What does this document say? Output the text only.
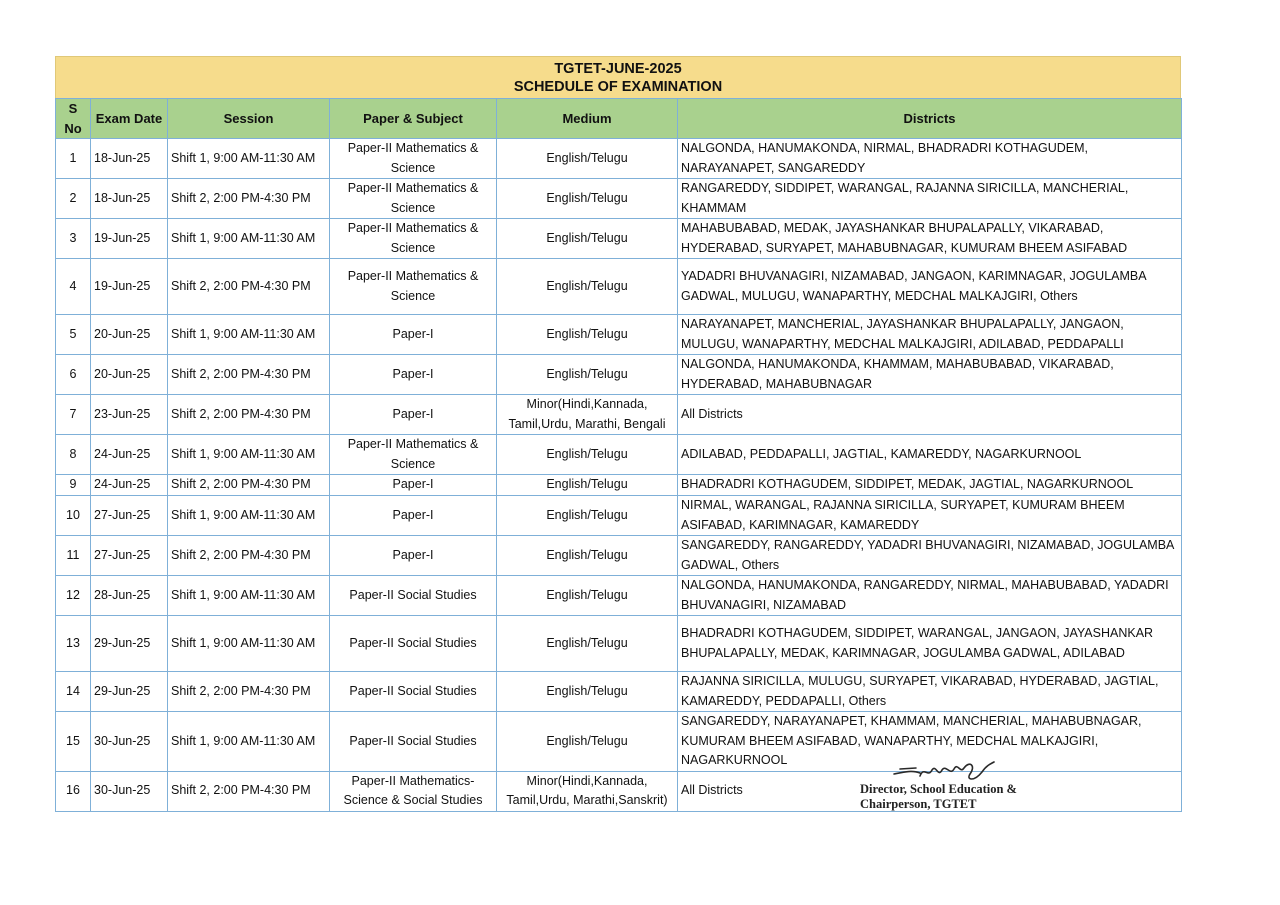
TGTET-JUNE-2025
SCHEDULE OF EXAMINATION
S No	Exam Date	Session	Paper & Subject	Medium	Districts
1	18-Jun-25	Shift 1, 9:00 AM-11:30 AM	Paper-II Mathematics & Science	English/Telugu	NALGONDA, HANUMAKONDA, NIRMAL, BHADRADRI KOTHAGUDEM, NARAYANAPET, SANGAREDDY
2	18-Jun-25	Shift 2, 2:00 PM-4:30 PM	Paper-II Mathematics & Science	English/Telugu	RANGAREDDY, SIDDIPET, WARANGAL, RAJANNA SIRICILLA, MANCHERIAL, KHAMMAM
3	19-Jun-25	Shift 1, 9:00 AM-11:30 AM	Paper-II Mathematics & Science	English/Telugu	MAHABUBABAD, MEDAK, JAYASHANKAR BHUPALAPALLY, VIKARABAD, HYDERABAD, SURYAPET, MAHABUBNAGAR, KUMURAM BHEEM ASIFABAD
4	19-Jun-25	Shift 2, 2:00 PM-4:30 PM	Paper-II Mathematics & Science	English/Telugu	YADADRI BHUVANAGIRI, NIZAMABAD, JANGAON, KARIMNAGAR, JOGULAMBA GADWAL, MULUGU, WANAPARTHY, MEDCHAL MALKAJGIRI, Others
5	20-Jun-25	Shift 1, 9:00 AM-11:30 AM	Paper-I	English/Telugu	NARAYANAPET, MANCHERIAL, JAYASHANKAR BHUPALAPALLY, JANGAON, MULUGU, WANAPARTHY, MEDCHAL MALKAJGIRI, ADILABAD, PEDDAPALLI
6	20-Jun-25	Shift 2, 2:00 PM-4:30 PM	Paper-I	English/Telugu	NALGONDA, HANUMAKONDA, KHAMMAM, MAHABUBABAD, VIKARABAD, HYDERABAD, MAHABUBNAGAR
7	23-Jun-25	Shift 2, 2:00 PM-4:30 PM	Paper-I	Minor(Hindi,Kannada, Tamil,Urdu, Marathi, Bengali	All Districts
8	24-Jun-25	Shift 1, 9:00 AM-11:30 AM	Paper-II Mathematics & Science	English/Telugu	ADILABAD, PEDDAPALLI, JAGTIAL, KAMAREDDY, NAGARKURNOOL
9	24-Jun-25	Shift 2, 2:00 PM-4:30 PM	Paper-I	English/Telugu	BHADRADRI KOTHAGUDEM, SIDDIPET, MEDAK, JAGTIAL, NAGARKURNOOL
10	27-Jun-25	Shift 1, 9:00 AM-11:30 AM	Paper-I	English/Telugu	NIRMAL, WARANGAL, RAJANNA SIRICILLA, SURYAPET, KUMURAM BHEEM ASIFABAD, KARIMNAGAR, KAMAREDDY
11	27-Jun-25	Shift 2, 2:00 PM-4:30 PM	Paper-I	English/Telugu	SANGAREDDY, RANGAREDDY, YADADRI BHUVANAGIRI, NIZAMABAD, JOGULAMBA GADWAL, Others
12	28-Jun-25	Shift 1, 9:00 AM-11:30 AM	Paper-II Social Studies	English/Telugu	NALGONDA, HANUMAKONDA, RANGAREDDY, NIRMAL, MAHABUBABAD, YADADRI BHUVANAGIRI, NIZAMABAD
13	29-Jun-25	Shift 1, 9:00 AM-11:30 AM	Paper-II Social Studies	English/Telugu	BHADRADRI KOTHAGUDEM, SIDDIPET, WARANGAL, JANGAON, JAYASHANKAR BHUPALAPALLY, MEDAK, KARIMNAGAR, JOGULAMBA GADWAL, ADILABAD
14	29-Jun-25	Shift 2, 2:00 PM-4:30 PM	Paper-II Social Studies	English/Telugu	RAJANNA SIRICILLA, MULUGU, SURYAPET, VIKARABAD, HYDERABAD, JAGTIAL, KAMAREDDY, PEDDAPALLI, Others
15	30-Jun-25	Shift 1, 9:00 AM-11:30 AM	Paper-II Social Studies	English/Telugu	SANGAREDDY, NARAYANAPET, KHAMMAM, MANCHERIAL, MAHABUBNAGAR, KUMURAM BHEEM ASIFABAD, WANAPARTHY, MEDCHAL MALKAJGIRI, NAGARKURNOOL
16	30-Jun-25	Shift 2, 2:00 PM-4:30 PM	Paper-II Mathematics-Science & Social Studies	Minor(Hindi,Kannada, Tamil,Urdu, Marathi,Sanskrit)	All Districts	Director, School Education &
Chairperson, TGTET
